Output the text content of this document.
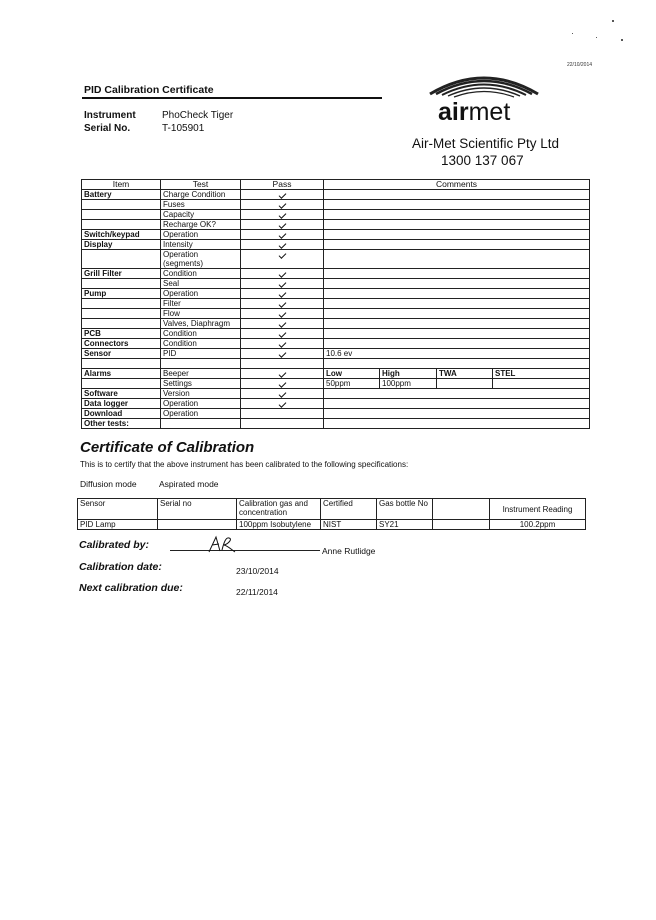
22/10/2014
PID Calibration Certificate
Instrument	PhoCheck Tiger
Serial No.	T-105901
airmet
Air-Met Scientific Pty Ltd
1300 137 067
Item	Test	Pass	Comments			
Battery	Charge Condition					
	Fuses					
	Capacity					
	Recharge OK?					
Switch/keypad	Operation					
Display	Intensity					
	Operation (segments)					
Grill Filter	Condition					
	Seal					
Pump	Operation					
	Filter					
	Flow					
	Valves, Diaphragm					
PCB	Condition					
Connectors	Condition					
Sensor	PID		10.6 ev			

Alarms	Beeper		Low	High	TWA	STEL
	Settings		50ppm	100ppm		
Software	Version					
Data logger	Operation					
Download	Operation					
Other tests:						
Certificate of Calibration
This is to certify that the above instrument has been calibrated to the following specifications:
Diffusion mode	Aspirated mode
Sensor	Serial no	Calibration gas and concentration	Certified	Gas bottle No		Instrument Reading
PID Lamp		100ppm Isobutylene	NIST	SY21		100.2ppm
Calibrated by:	Anne Rutlidge
Calibration date:	23/10/2014
Next calibration due:	22/11/2014
